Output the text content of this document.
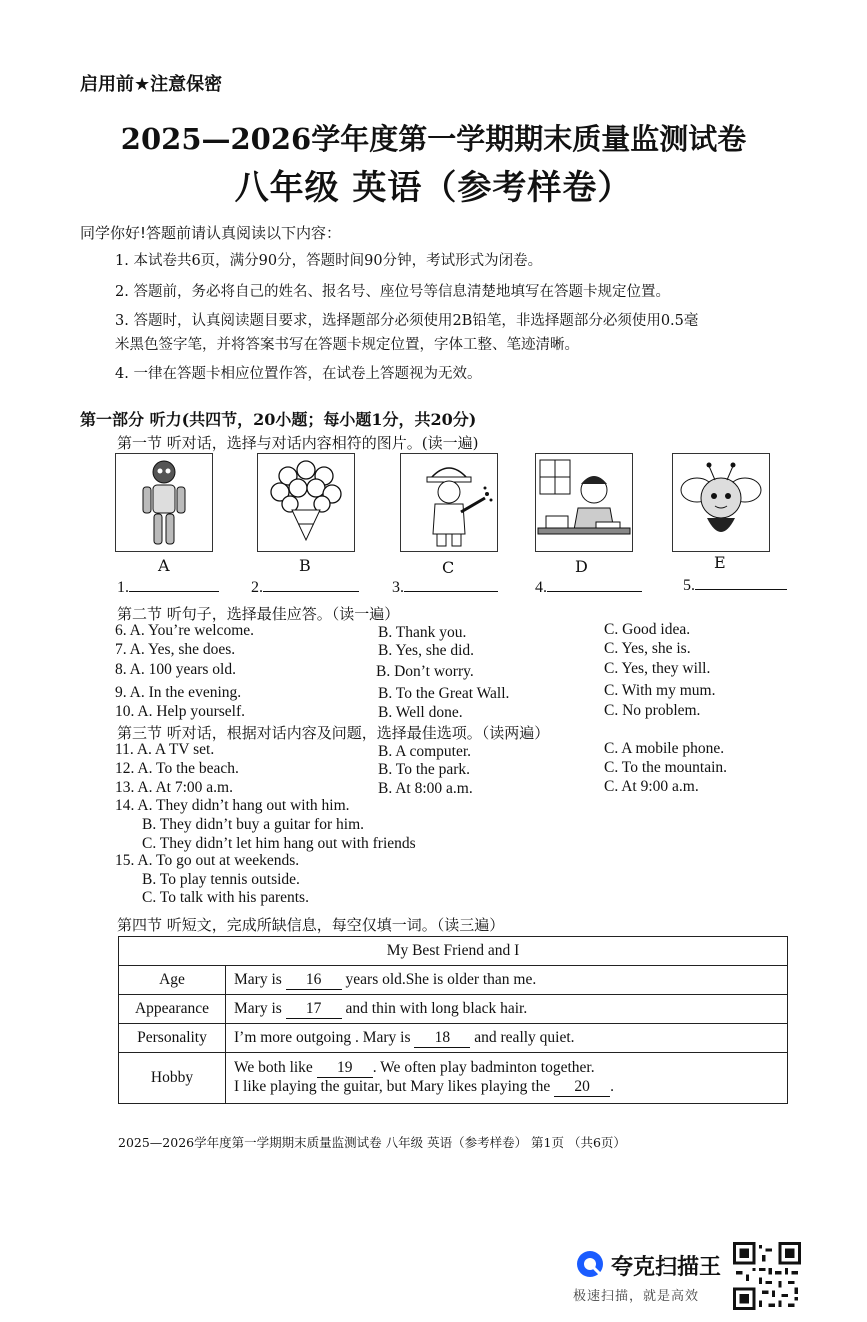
启用前★注意保密
2025—2026学年度第一学期期末质量监测试卷
八年级 英语（参考样卷）
同学你好!答题前请认真阅读以下内容：
1. 本试卷共6页，满分90分，答题时间90分钟，考试形式为闭卷。
2. 答题前，务必将自己的姓名、报名号、座位号等信息清楚地填写在答题卡规定位置。
3. 答题时，认真阅读题目要求，选择题部分必须使用2B铅笔，非选择题部分必须使用0.5毫
米黑色签字笔，并将答案书写在答题卡规定位置，字体工整、笔迹清晰。
4. 一律在答题卡相应位置作答，在试卷上答题视为无效。
第一部分 听力(共四节，20小题；每小题1分，共20分)
第一节 听对话，选择与对话内容相符的图片。(读一遍)
A	B	C	D	E
1.	2.	3.	4.	5.
第二节 听句子，选择最佳应答。（读一遍）
6. A. You’re welcome.	B. Thank you.	C. Good idea.
7. A. Yes, she does.	B. Yes, she did.	C. Yes, she is.
8. A. 100 years old.	B. Don’t worry.	C. Yes, they will.
9. A. In the evening.	B. To the Great Wall.	C. With my mum.
10. A. Help yourself.	B. Well done.	C. No problem.
第三节 听对话，根据对话内容及问题，选择最佳选项。（读两遍）
11. A. A TV set.	B. A computer.	C. A mobile phone.
12. A. To the beach.	B. To the park.	C. To the mountain.
13. A. At 7:00 a.m.	B. At 8:00 a.m.	C. At 9:00 a.m.
14. A. They didn’t hang out with him.
B. They didn’t buy a guitar for him.
C. They didn’t let him hang out with friends
15. A. To go out at weekends.
B. To play tennis outside.
C. To talk with his parents.
第四节 听短文，完成所缺信息，每空仅填一词。（读三遍）
My Best Friend and I	
Age	Mary is 16 years old.She is older than me.
Appearance	Mary is 17 and thin with long black hair.
Personality	I’m more outgoing . Mary is 18 and really quiet.
Hobby	We both like 19 . We often play badminton together.
I like playing the guitar, but Mary likes playing the 20 .
2025—2026学年度第一学期期末质量监测试卷 八年级 英语（参考样卷） 第1页 （共6页）
夸克扫描王
极速扫描，就是高效
